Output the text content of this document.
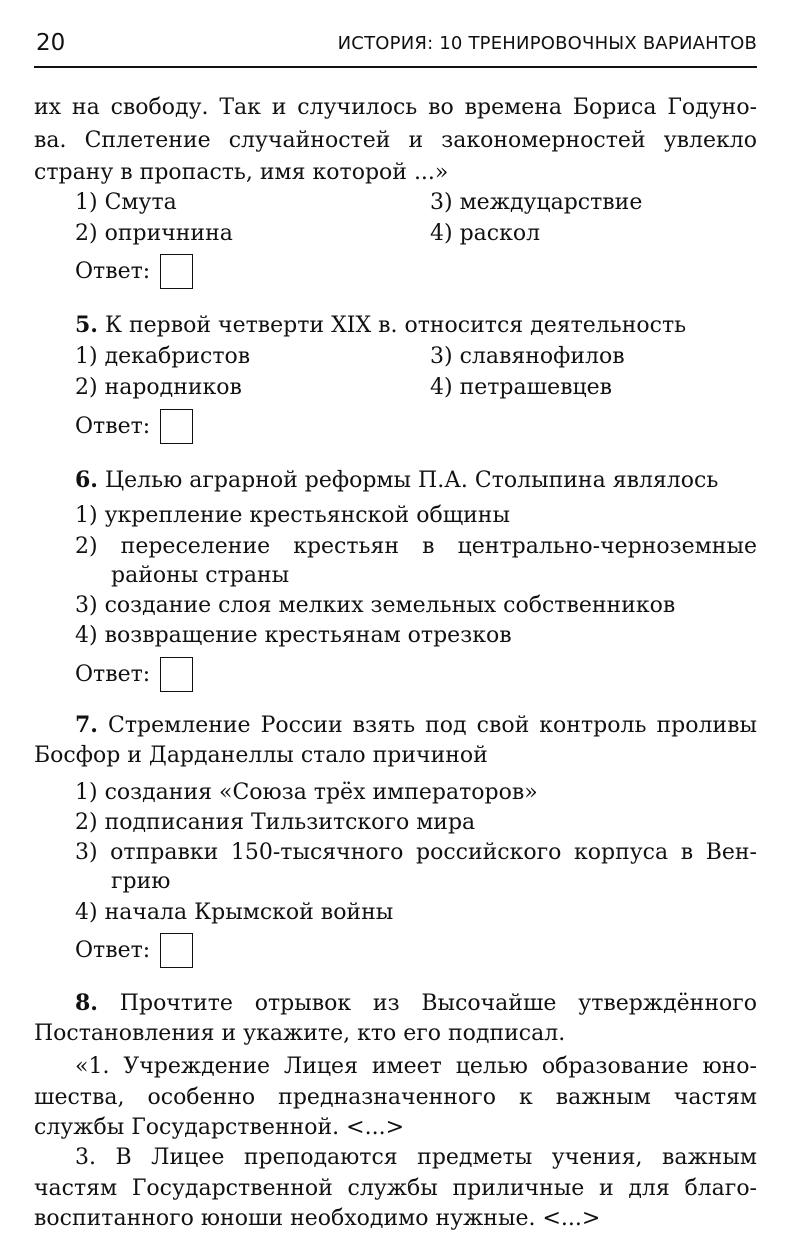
20	ИСТОРИЯ: 10 ТРЕНИРОВОЧНЫХ ВАРИАНТОВ
их на свободу. Так и случилось во времена Бориса Годуно-
ва. Сплетение случайностей и закономерностей увлекло
страну в пропасть, имя которой ...»
1) Смута
2) опричнина
3) междуцарствие
4) раскол
Ответ:
5. К первой четверти XIX в. относится деятельность
1) декабристов
2) народников
3) славянофилов
4) петрашевцев
Ответ:
6. Целью аграрной реформы П.А. Столыпина являлось
1) укрепление крестьянской общины
2) переселение крестьян в центрально-черноземные
районы страны
3) создание слоя мелких земельных собственников
4) возвращение крестьянам отрезков
Ответ:
7. Стремление России взять под свой контроль проливы
Босфор и Дарданеллы стало причиной
1) создания «Союза трёх императоров»
2) подписания Тильзитского мира
3) отправки 150-тысячного российского корпуса в Вен-
грию
4) начала Крымской войны
Ответ:
8. Прочтите отрывок из Высочайше утверждённого
Постановления и укажите, кто его подписал.
«1. Учреждение Лицея имеет целью образование юно-
шества, особенно предназначенного к важным частям
службы Государственной. <...>
3. В Лицее преподаются предметы учения, важным
частям Государственной службы приличные и для благо-
воспитанного юноши необходимо нужные. <...>
